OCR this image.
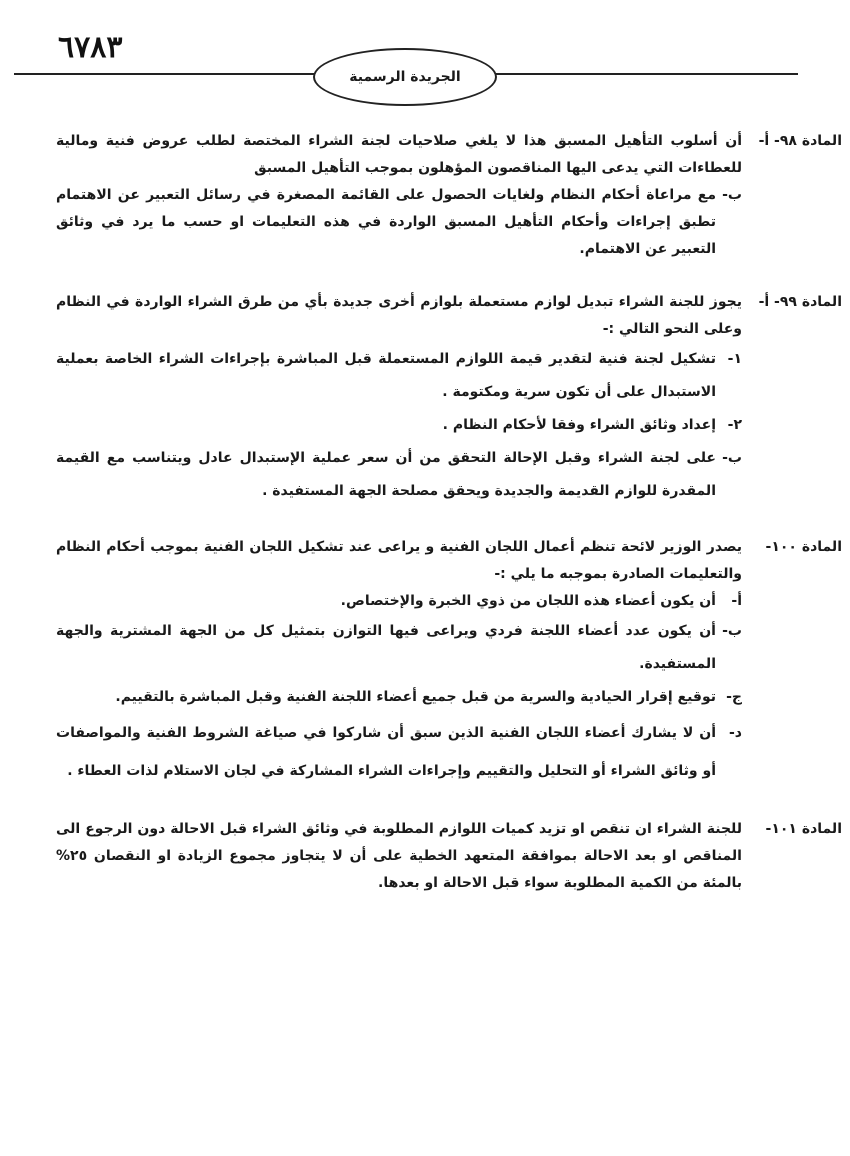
٦٧٨٣
الجريدة الرسمية
المادة ٩٨- أ-

أن أسلوب التأهيل المسبق هذا لا يلغي صلاحيات لجنة الشراء المختصة لطلب عروض فنية ومالية للعطاءات التي يدعى اليها المناقصون المؤهلون بموجب التأهيل المسبق

ب-
مع مراعاة أحكام النظام ولغايات الحصول على القائمة المصغرة في رسائل التعبير عن الاهتمام تطبق إجراءات وأحكام التأهيل المسبق الواردة في هذه التعليمات او حسب ما يرد في وثائق التعبير عن الاهتمام.
المادة ٩٩- أ-

يجوز للجنة الشراء تبديل لوازم مستعملة بلوازم أخرى جديدة بأي من طرق الشراء الواردة في النظام وعلى النحو التالي :-

١-
تشكيل لجنة فنية لتقدير قيمة اللوازم المستعملة قبل المباشرة بإجراءات الشراء الخاصة بعملية الاستبدال على أن تكون سرية ومكتومة .
٢-
إعداد وثائق الشراء وفقا لأحكام النظام .
ب-
على لجنة الشراء وقبل الإحالة التحقق من أن سعر عملية الإستبدال عادل ويتناسب مع القيمة المقدرة للوازم القديمة والجديدة ويحقق مصلحة الجهة المستفيدة .
المادة ١٠٠-

يصدر الوزير لائحة تنظم أعمال اللجان الفنية و يراعى عند تشكيل اللجان الفنية بموجب أحكام النظام والتعليمات الصادرة بموجبه ما يلي :-

أ-
أن يكون أعضاء هذه اللجان من ذوي الخبرة والإختصاص.
ب-
أن يكون عدد أعضاء اللجنة فردي ويراعى فيها التوازن بتمثيل كل من الجهة المشترية والجهة المستفيدة.
ج-
توقيع إقرار الحيادية والسرية من قبل جميع أعضاء اللجنة الفنية وقبل المباشرة بالتقييم.
د-
أن لا يشارك أعضاء اللجان الفنية الذين سبق أن شاركوا في صياغة الشروط الفنية والمواصفات أو وثائق الشراء أو التحليل والتقييم وإجراءات الشراء المشاركة في لجان الاستلام لذات العطاء .
المادة ١٠١-

للجنة الشراء ان تنقص او تزيد كميات اللوازم المطلوبة في وثائق الشراء قبل الاحالة دون الرجوع الى المناقص او بعد الاحالة بموافقة المتعهد الخطية على أن لا يتجاوز مجموع الزيادة او النقصان ٢٥% بالمئة من الكمية المطلوبة سواء قبل الاحالة او بعدها.
